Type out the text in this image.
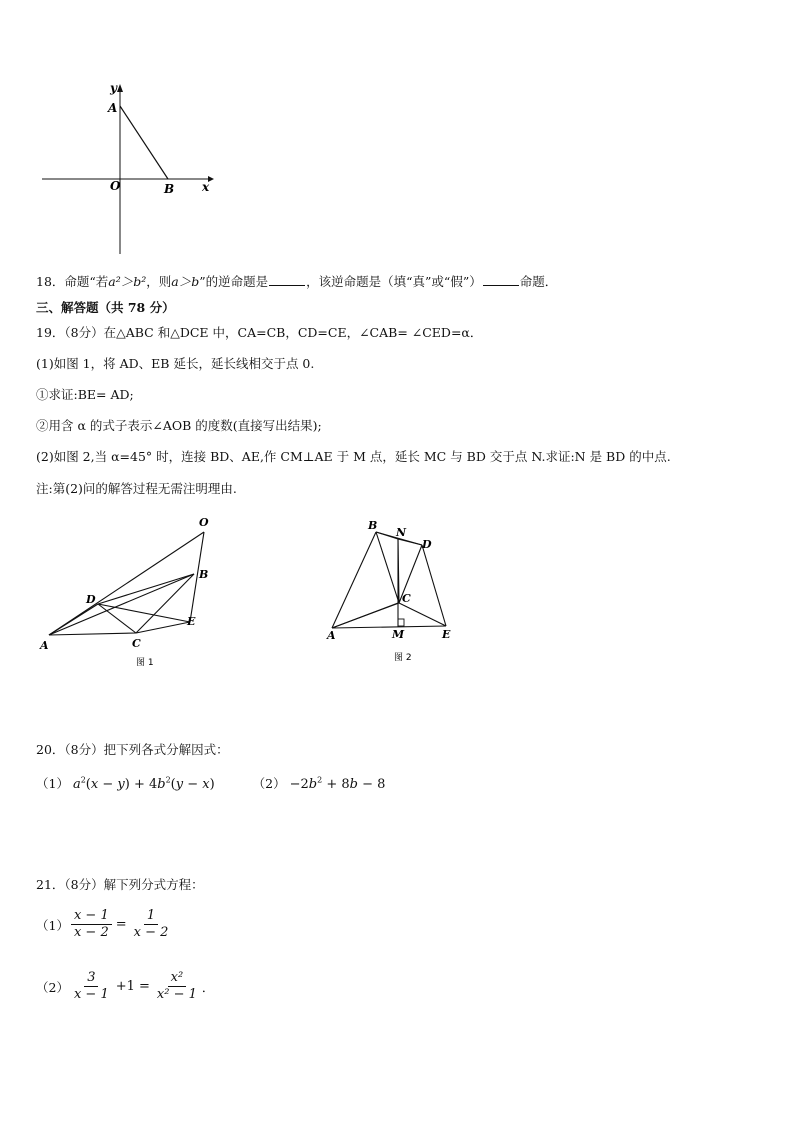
y
A
O	B x
18．命题“若a²＞b²，则a＞b”的逆命题是	，该逆命题是（填“真”或“假”）	命题．
三、解答题（共 78 分）
19．（8分）在△ABC 和△DCE 中，CA=CB，CD=CE，∠CAB= ∠CED=α．
(1)如图 1，将 AD、EB 延长，延长线相交于点 0.
①求证:BE= AD;
②用含 α 的式子表示∠AOB 的度数(直接写出结果);
(2)如图 2,当 α=45° 时，连接 BD、AE,作 CM⊥AE 于 M 点，延长 MC 与 BD 交于点 N.求证:N 是 BD 的中点.
注:第(2)问的解答过程无需注明理由.
O
B
D
E
A	C
图 1
B
N
D
C
A	M	E
图 2
20．（8分）把下列各式分解因式：
（1） $a^2(x - y) + 4b^2(y - x)$	$(2) -2b^2 + 8b - 8$
21．（8分）解下列分式方程：
$(1) \frac{x - 1}{x - 2} = \frac{1}{x - 2}$
$(2) \frac{3}{x - 1} +1 = \frac{\text{x²}}{\text{x² − 1}}$ ．
